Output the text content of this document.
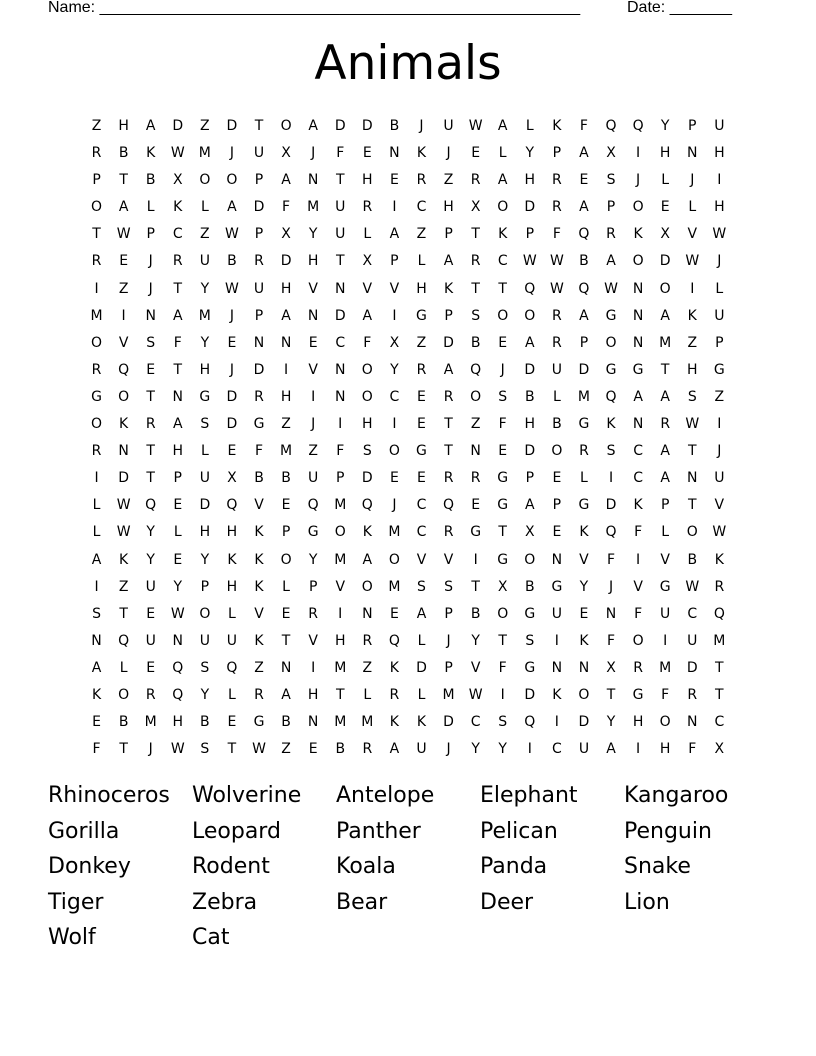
Name: ______________________________________________________	Date: _______
Animals
Z	H	A	D	Z	D	T	O	A	D	D	B	J	U	W	A	L	K	F	Q	Q	Y	P	U
R	B	K	W	M	J	U	X	J	F	E	N	K	J	E	L	Y	P	A	X	I	H	N	H
P	T	B	X	O	O	P	A	N	T	H	E	R	Z	R	A	H	R	E	S	J	L	J	I
O	A	L	K	L	A	D	F	M	U	R	I	C	H	X	O	D	R	A	P	O	E	L	H
T	W	P	C	Z	W	P	X	Y	U	L	A	Z	P	T	K	P	F	Q	R	K	X	V	W
R	E	J	R	U	B	R	D	H	T	X	P	L	A	R	C	W W	B	A	O	D	W	J
I	Z	J	T	Y	W	U	H	V	N	V	V	H	K	T	T	Q	W	Q	W	N	O	I	L
M	I	N	A	M	J	P	A	N	D	A	I	G	P	S	O	O	R	A	G	N	A	K	U
O	V	S	F	Y	E	N	N	E	C	F	X	Z	D	B	E	A	R	P	O	N	M	Z	P
R	Q	E	T	H	J	D	I	V	N	O	Y	R	A	Q	J	D	U	D	G	G	T	H	G
G	O	T	N	G	D	R	H	I	N	O	C	E	R	O	S	B	L	M	Q	A	A	S	Z
O	K	R	A	S	D	G	Z	J	I	H	I	E	T	Z	F	H	B	G	K	N	R	W	I
R	N	T	H	L	E	F	M	Z	F	S	O	G	T	N	E	D	O	R	S	C	A	T	J
I	D	T	P	U	X	B	B	U	P	D	E	E	R	R	G	P	E	L	I	C	A	N	U
L	W	Q	E	D	Q	V	E	Q	M	Q	J	C	Q	E	G	A	P	G	D	K	P	T	V
L	W	Y	L	H	H	K	P	G	O	K	M	C	R	G	T	X	E	K	Q	F	L	O	W
A	K	Y	E	Y	K	K	O	Y	M	A	O	V	V	I	G	O	N	V	F	I	V	B	K
I	Z	U	Y	P	H	K	L	P	V	O	M	S	S	T	X	B	G	Y	J	V	G	W	R
S	T	E	W	O	L	V	E	R	I	N	E	A	P	B	O	G	U	E	N	F	U	C	Q
N	Q	U	N	U	U	K	T	V	H	R	Q	L	J	Y	T	S	I	K	F	O	I	U	M
A	L	E	Q	S	Q	Z	N	I	M	Z	K	D	P	V	F	G	N	N	X	R	M	D	T
K	O	R	Q	Y	L	R	A	H	T	L	R	L	M	W	I	D	K	O	T	G	F	R	T
E	B	M	H	B	E	G	B	N	M	M	K	K	D	C	S	Q	I	D	Y	H	O	N	C
F	T	J	W	S	T	W	Z	E	B	R	A	U	J	Y	Y	I	C	U	A	I	H	F	X
Rhinoceros	Wolverine	Antelope	Elephant	Kangaroo
Gorilla	Leopard	Panther	Pelican	Penguin
Donkey	Rodent	Koala	Panda	Snake
Tiger	Zebra	Bear	Deer	Lion
Wolf	Cat
